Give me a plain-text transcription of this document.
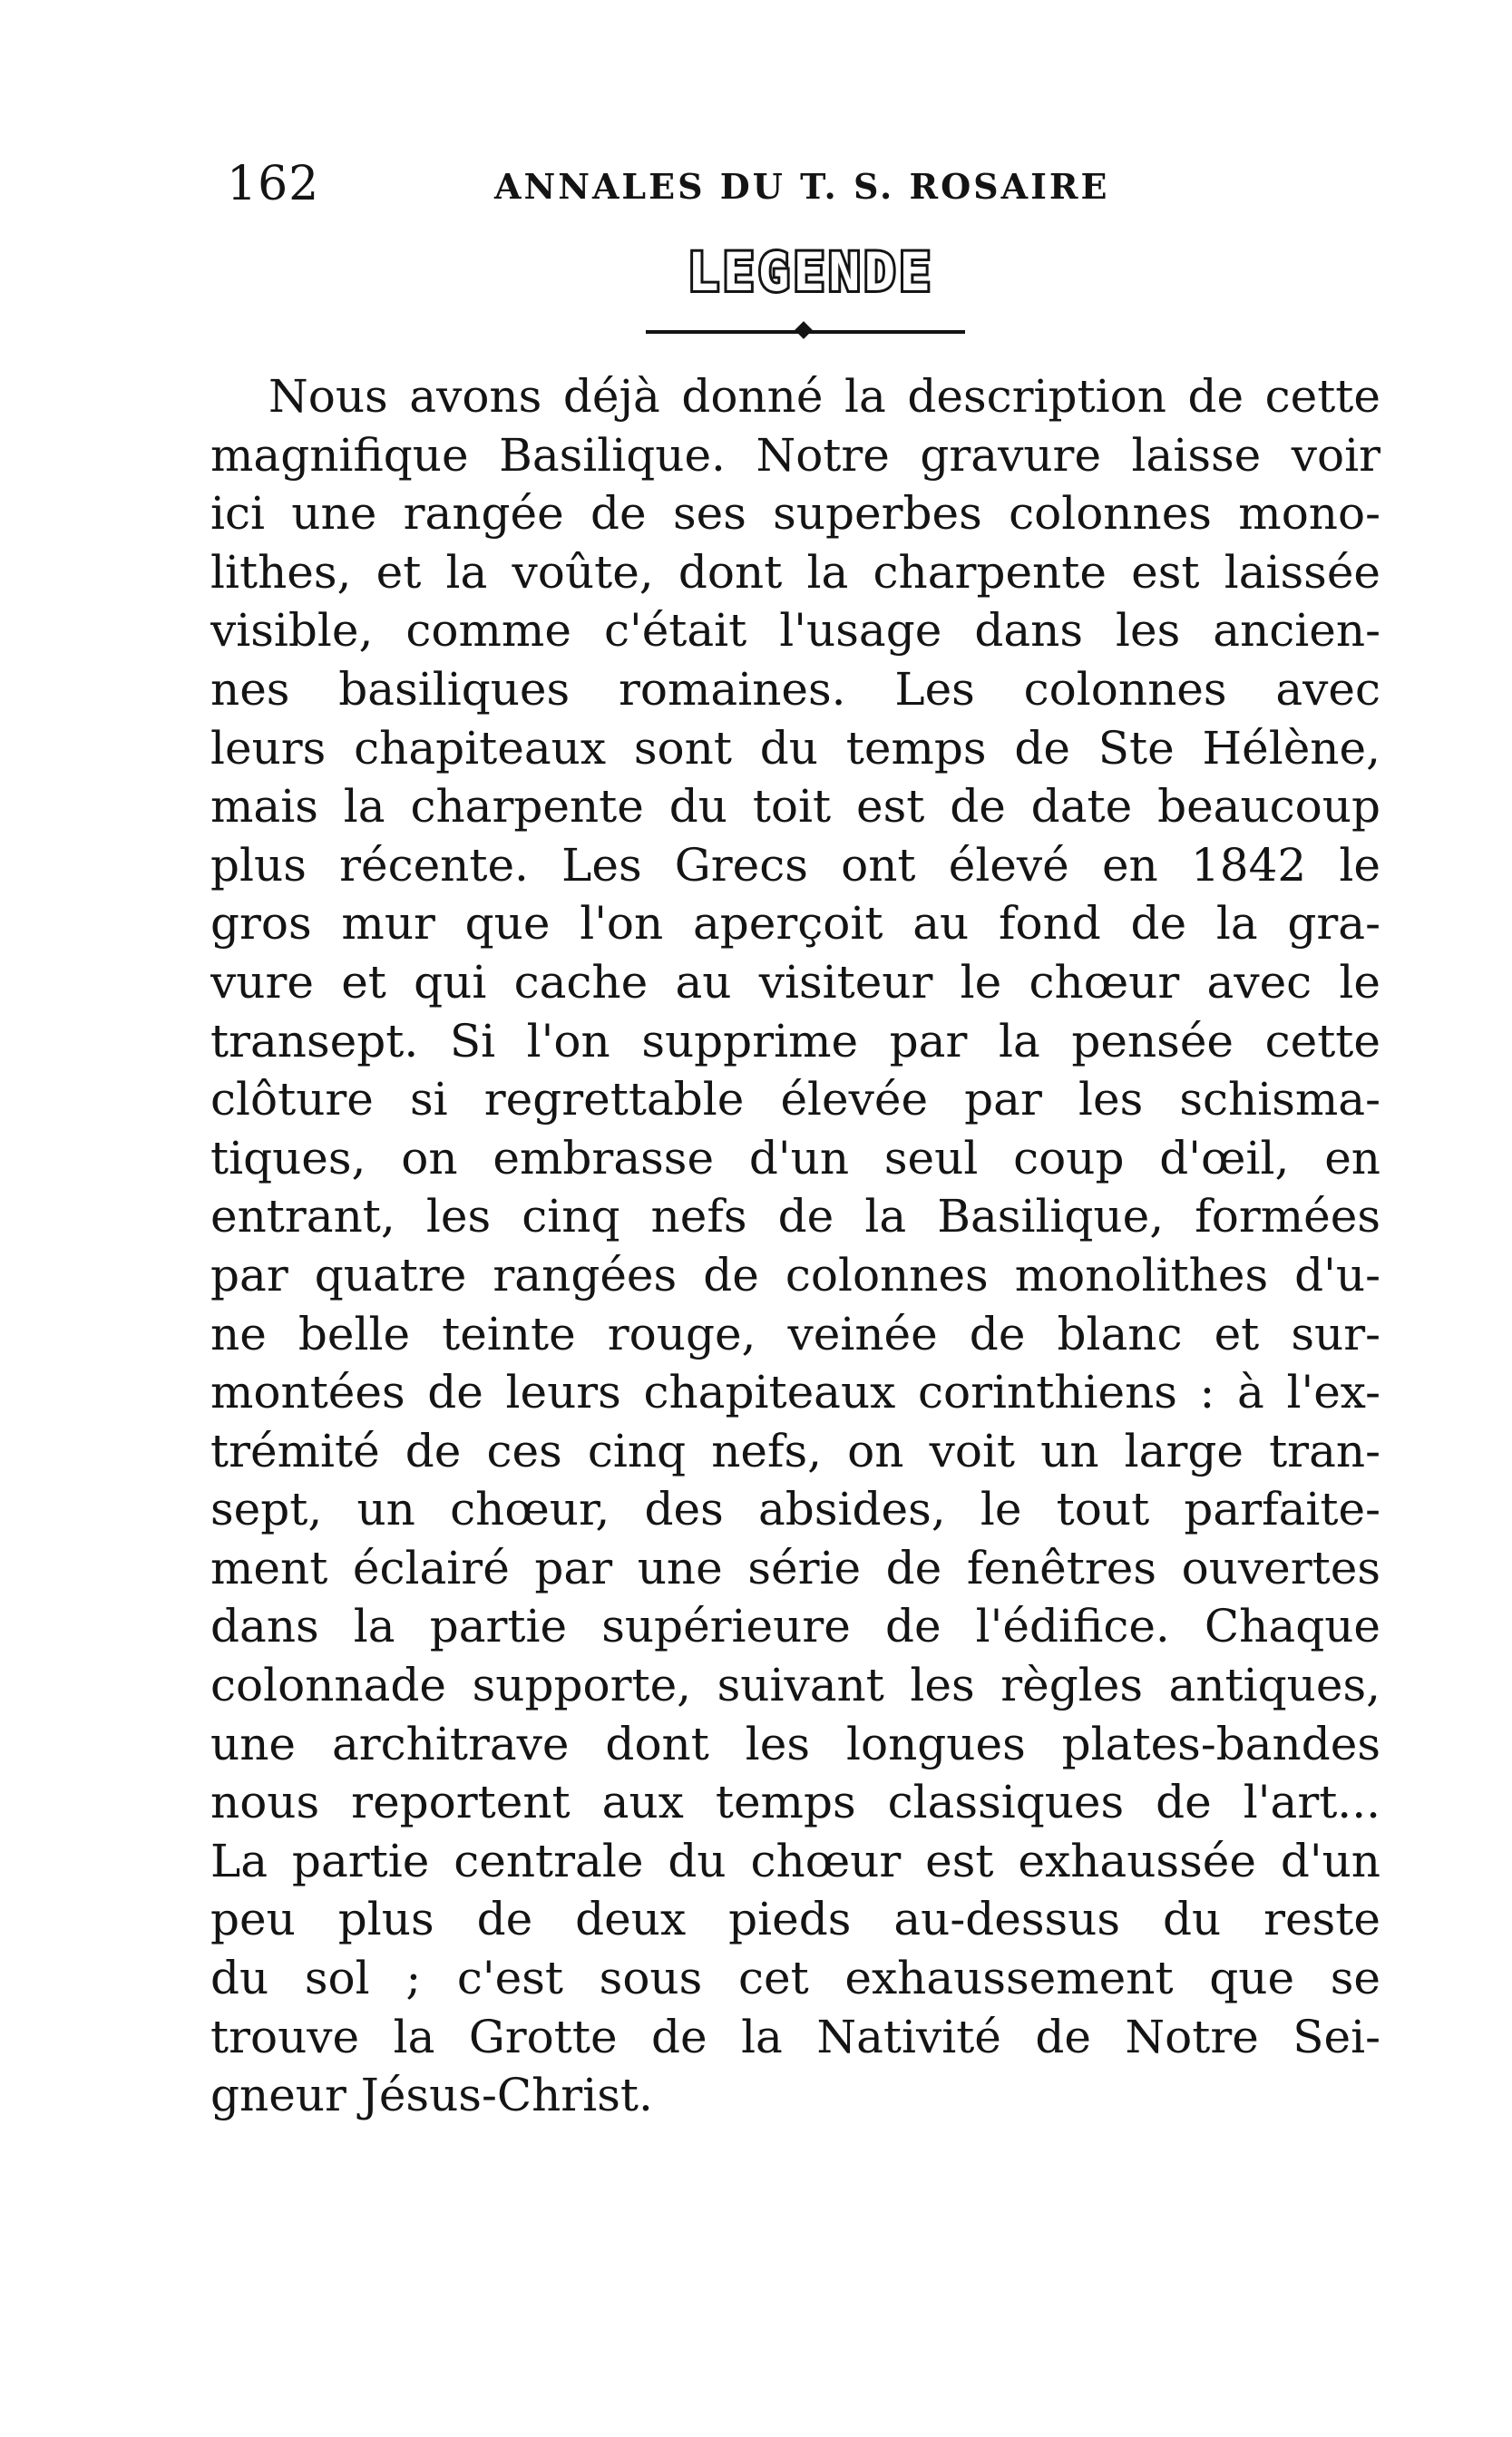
162	ANNALES DU T. S. ROSAIRE
LEGENDE
Nous avons déjà donné la description de cette
magnifique Basilique. Notre gravure laisse voir
ici une rangée de ses superbes colonnes mono-
lithes, et la voûte, dont la charpente est laissée
visible, comme c'était l'usage dans les ancien-
nes basiliques romaines. Les colonnes avec
leurs chapiteaux sont du temps de Ste Hélène,
mais la charpente du toit est de date beaucoup
plus récente. Les Grecs ont élevé en 1842 le
gros mur que l'on aperçoit au fond de la gra-
vure et qui cache au visiteur le chœur avec le
transept. Si l'on supprime par la pensée cette
clôture si regrettable élevée par les schisma-
tiques, on embrasse d'un seul coup d'œil, en
entrant, les cinq nefs de la Basilique, formées
par quatre rangées de colonnes monolithes d'u-
ne belle teinte rouge, veinée de blanc et sur-
montées de leurs chapiteaux corinthiens : à l'ex-
trémité de ces cinq nefs, on voit un large tran-
sept, un chœur, des absides, le tout parfaite-
ment éclairé par une série de fenêtres ouvertes
dans la partie supérieure de l'édifice. Chaque
colonnade supporte, suivant les règles antiques,
une architrave dont les longues plates-bandes
nous reportent aux temps classiques de l'art...
La partie centrale du chœur est exhaussée d'un
peu plus de deux pieds au-dessus du reste
du sol ; c'est sous cet exhaussement que se
trouve la Grotte de la Nativité de Notre Sei-
gneur Jésus-Christ.
